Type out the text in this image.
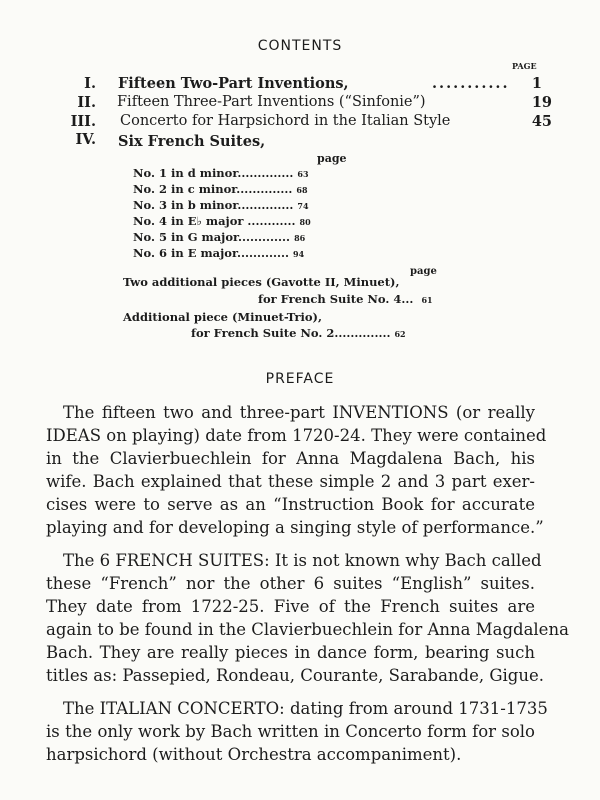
CONTENTS
PAGE
I. Fifteen Two-Part Inventions,	...........	1
II. Fifteen Three-Part Inventions (“Sinfonie”)	19
III. Concerto for Harpsichord in the Italian Style	45
IV. Six French Suites,
page
No. 1 in d minor.............. 63
No. 2 in c minor.............. 68
No. 3 in b minor.............. 74
No. 4 in E♭ major ............ 80
No. 5 in G major............. 86
No. 6 in E major............. 94
page
Two additional pieces (Gavotte II, Minuet),
for French Suite No. 4... 61
Additional piece (Minuet-Trio),
for French Suite No. 2.............. 62
PREFACE
The fifteen two and three-part INVENTIONS (or really
IDEAS on playing) date from 1720-24. They were contained
in the Clavierbuechlein for Anna Magdalena Bach, his
wife. Bach explained that these simple 2 and 3 part exer-
cises were to serve as an “Instruction Book for accurate
playing and for developing a singing style of performance.”
The 6 FRENCH SUITES: It is not known why Bach called
these “French” nor the other 6 suites “English” suites.
They date from 1722-25. Five of the French suites are
again to be found in the Clavierbuechlein for Anna Magdalena
Bach. They are really pieces in dance form, bearing such
titles as: Passepied, Rondeau, Courante, Sarabande, Gigue.
The ITALIAN CONCERTO: dating from around 1731-1735
is the only work by Bach written in Concerto form for solo
harpsichord (without Orchestra accompaniment).
